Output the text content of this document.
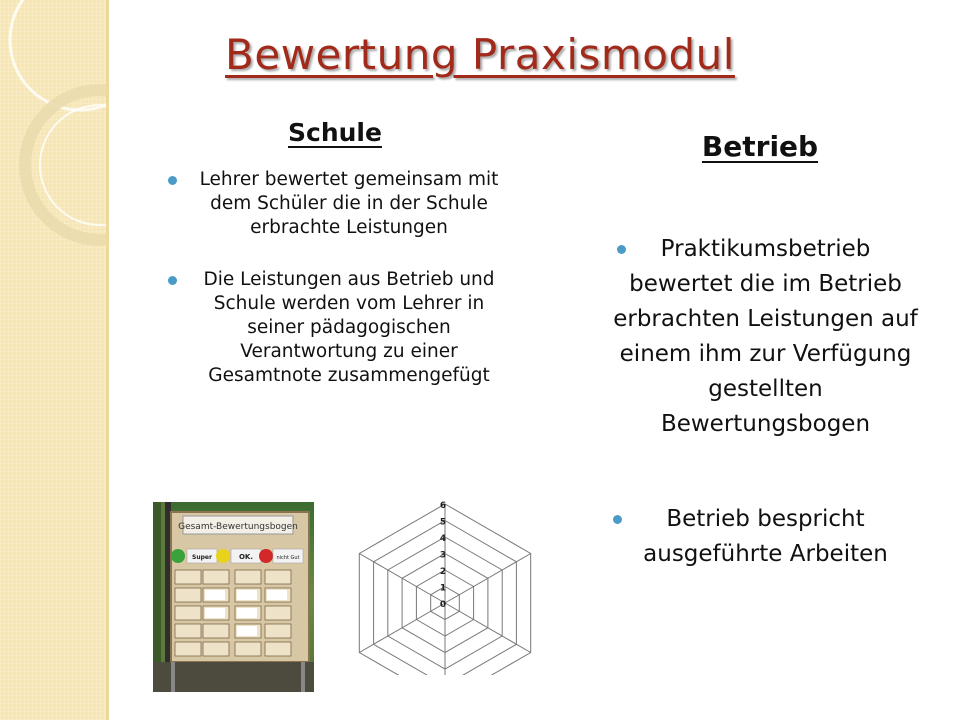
Bewertung Praxismodul
Schule
Lehrer bewertet gemeinsam mit dem Schüler die in der Schule erbrachte Leistungen
Die Leistungen aus Betrieb und Schule werden vom Lehrer in seiner pädagogischen Verantwortung zu einer Gesamtnote zusammengefügt
Betrieb
Praktikumsbetrieb bewertet die im Betrieb erbrachten Leistungen auf einem ihm zur Verfügung gestellten Bewertungsbogen
Betrieb bespricht ausgeführte Arbeiten
Gesamt-Bewertungsbogen
Super	OK.	nicht Gut
0
1
2
3
4
5
6
